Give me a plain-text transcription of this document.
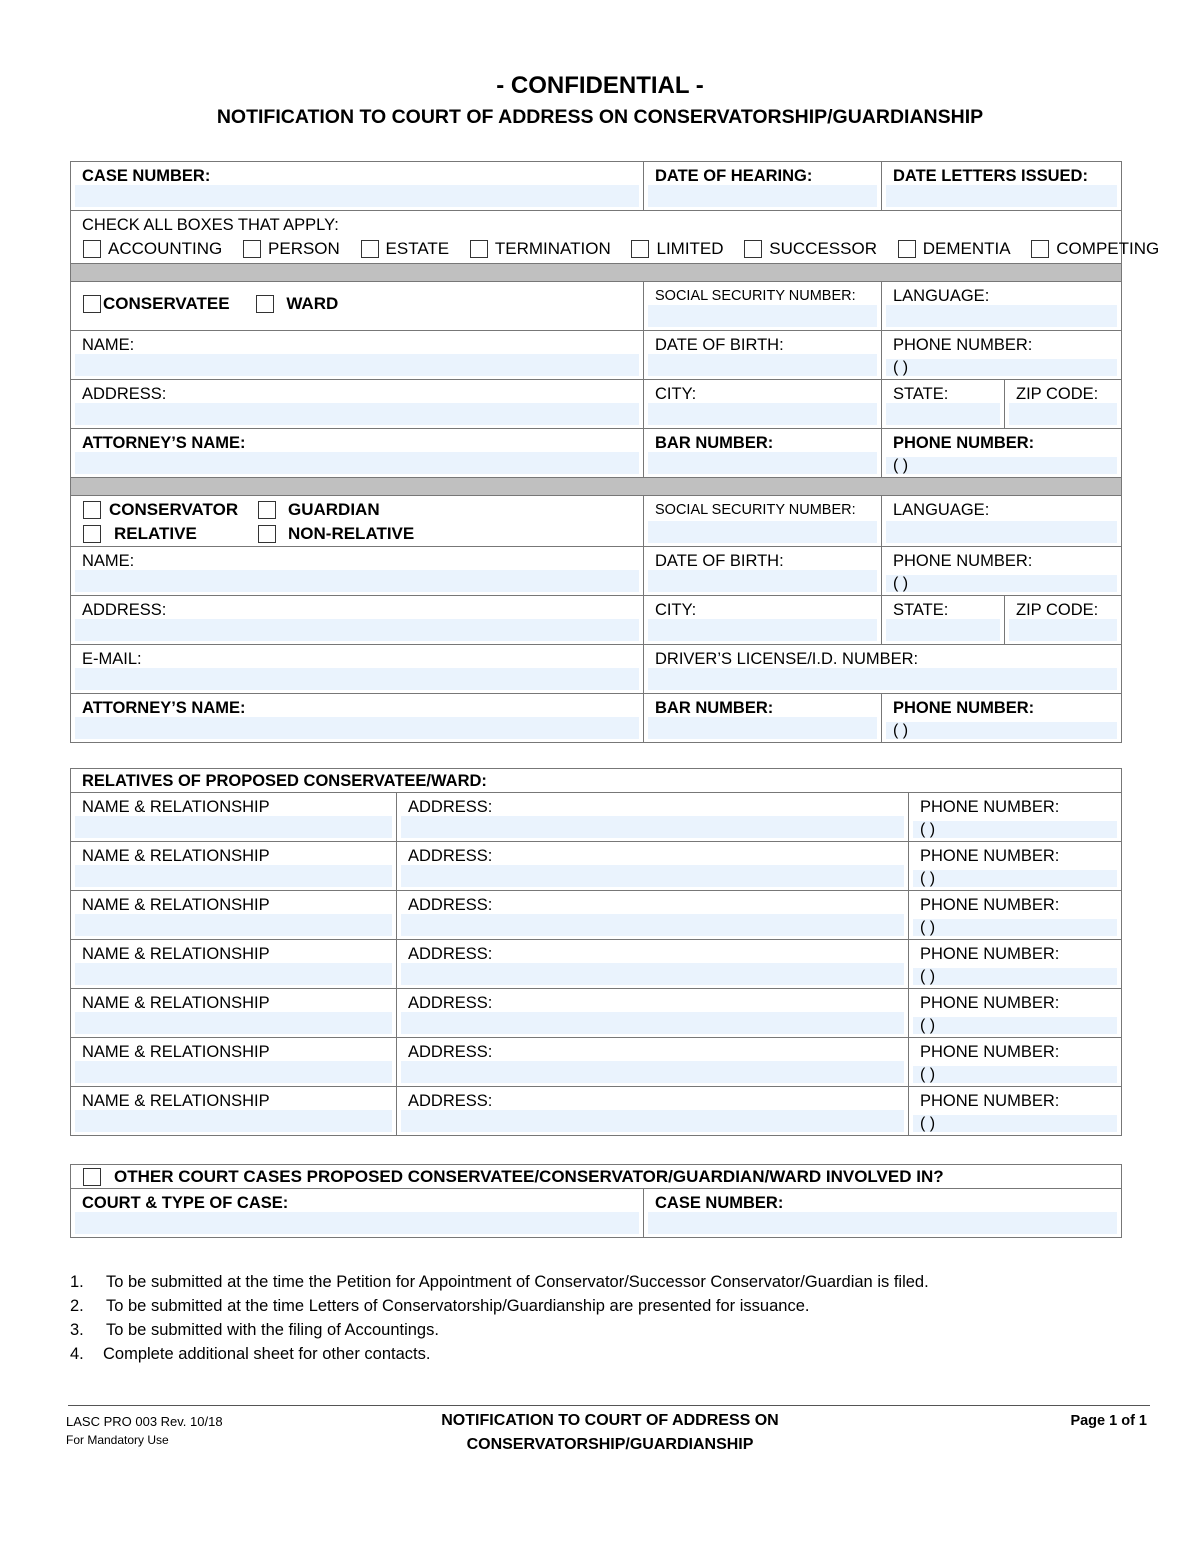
- CONFIDENTIAL -
NOTIFICATION TO COURT OF ADDRESS ON CONSERVATORSHIP/GUARDIANSHIP
CASE NUMBER:	DATE OF HEARING:	DATE LETTERS ISSUED:	

CHECK ALL BOXES THAT APPLY:
ACCOUNTING PERSON ESTATE TERMINATION LIMITED SUCCESSOR DEMENTIA COMPETING			

CONSERVATEE WARD	SOCIAL SECURITY NUMBER:	LANGUAGE:	

NAME:	DATE OF BIRTH:	PHONE NUMBER:
( )	

ADDRESS:	CITY:	STATE:	ZIP CODE:

ATTORNEY’S NAME:	BAR NUMBER:	PHONE NUMBER:
( )	

CONSERVATOR GUARDIAN
RELATIVE NON-RELATIVE	SOCIAL SECURITY NUMBER:	LANGUAGE:	

NAME:	DATE OF BIRTH:	PHONE NUMBER:
( )	

ADDRESS:	CITY:	STATE:	ZIP CODE:

E-MAIL:	DRIVER’S LICENSE/I.D. NUMBER:		

ATTORNEY’S NAME:	BAR NUMBER:	PHONE NUMBER:
( )	
RELATIVES OF PROPOSED CONSERVATEE/WARD:		

NAME & RELATIONSHIP	ADDRESS:	PHONE NUMBER:
( )

NAME & RELATIONSHIP	ADDRESS:	PHONE NUMBER:
( )

NAME & RELATIONSHIP	ADDRESS:	PHONE NUMBER:
( )

NAME & RELATIONSHIP	ADDRESS:	PHONE NUMBER:
( )

NAME & RELATIONSHIP	ADDRESS:	PHONE NUMBER:
( )

NAME & RELATIONSHIP	ADDRESS:	PHONE NUMBER:
( )

NAME & RELATIONSHIP	ADDRESS:	PHONE NUMBER:
( )
OTHER COURT CASES PROPOSED CONSERVATEE/CONSERVATOR/GUARDIAN/WARD INVOLVED IN?

COURT & TYPE OF CASE:	CASE NUMBER:
1. To be submitted at the time the Petition for Appointment of Conservator/Successor Conservator/Guardian is filed.
2. To be submitted at the time Letters of Conservatorship/Guardianship are presented for issuance.
3. To be submitted with the filing of Accountings.
4. Complete additional sheet for other contacts.
LASC PRO 003 Rev. 10/18
For Mandatory Use
NOTIFICATION TO COURT OF ADDRESS ON
CONSERVATORSHIP/GUARDIANSHIP
Page 1 of 1
